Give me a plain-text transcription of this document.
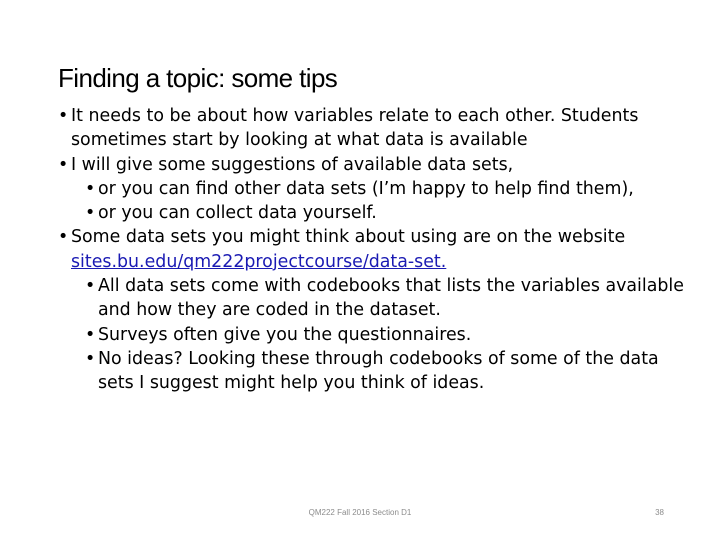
Finding a topic: some tips
• It needs to be about how variables relate to each other. Students sometimes start by looking at what data is available
• I will give some suggestions of available data sets,
• or you can find other data sets (I’m happy to help find them),
• or you can collect data yourself.
• Some data sets you might think about using are on the website sites.bu.edu/qm222projectcourse/data-set.
• All data sets come with codebooks that lists the variables available and how they are coded in the dataset.
• Surveys often give you the questionnaires.
• No ideas? Looking these through codebooks of some of the data sets I suggest might help you think of ideas.
QM222 Fall 2016 Section D1	38
